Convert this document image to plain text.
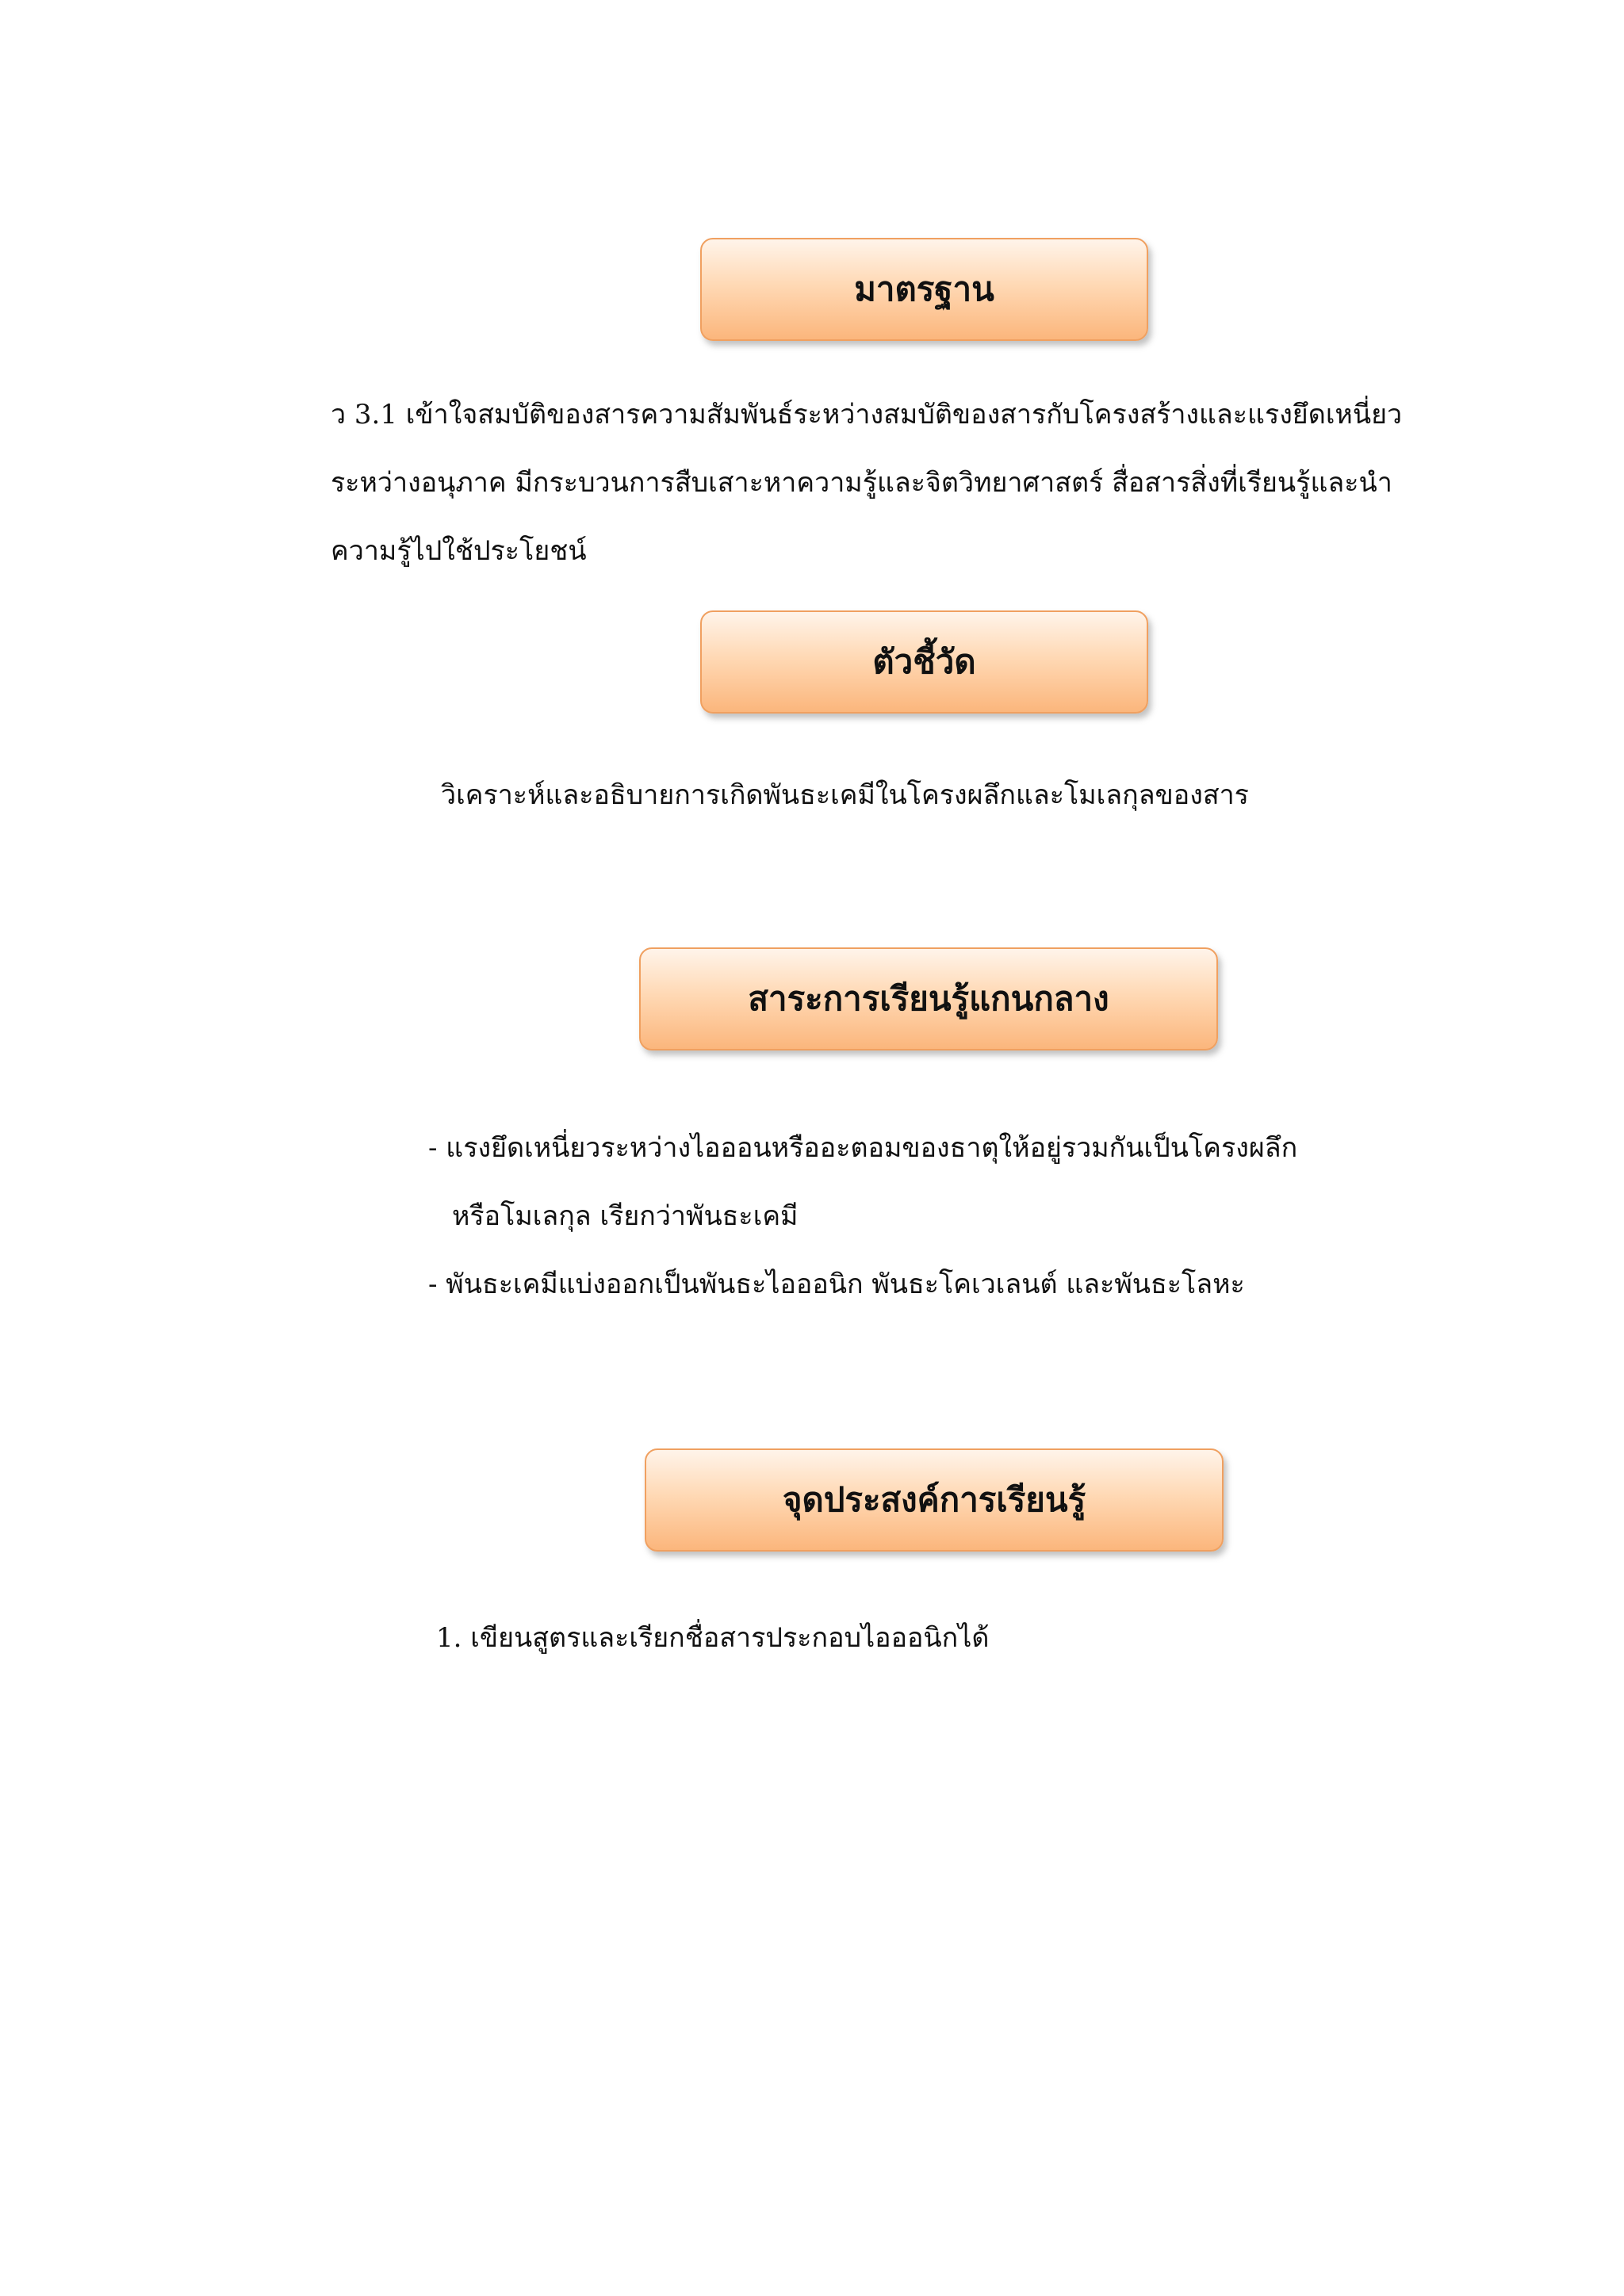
มาตรฐาน
ว 3.1 เข้าใจสมบัติของสารความสัมพันธ์ระหว่างสมบัติของสารกับโครงสร้างและแรงยึดเหนี่ยว
ระหว่างอนุภาค มีกระบวนการสืบเสาะหาความรู้และจิตวิทยาศาสตร์ สื่อสารสิ่งที่เรียนรู้และนำ
ความรู้ไปใช้ประโยชน์
ตัวชี้วัด
วิเคราะห์และอธิบายการเกิดพันธะเคมีในโครงผลึกและโมเลกุลของสาร
สาระการเรียนรู้แกนกลาง
- แรงยึดเหนี่ยวระหว่างไอออนหรืออะตอมของธาตุให้อยู่รวมกันเป็นโครงผลึก
หรือโมเลกุล เรียกว่าพันธะเคมี
- พันธะเคมีแบ่งออกเป็นพันธะไอออนิก พันธะโคเวเลนต์ และพันธะโลหะ
จุดประสงค์การเรียนรู้
1. เขียนสูตรและเรียกชื่อสารประกอบไอออนิกได้
